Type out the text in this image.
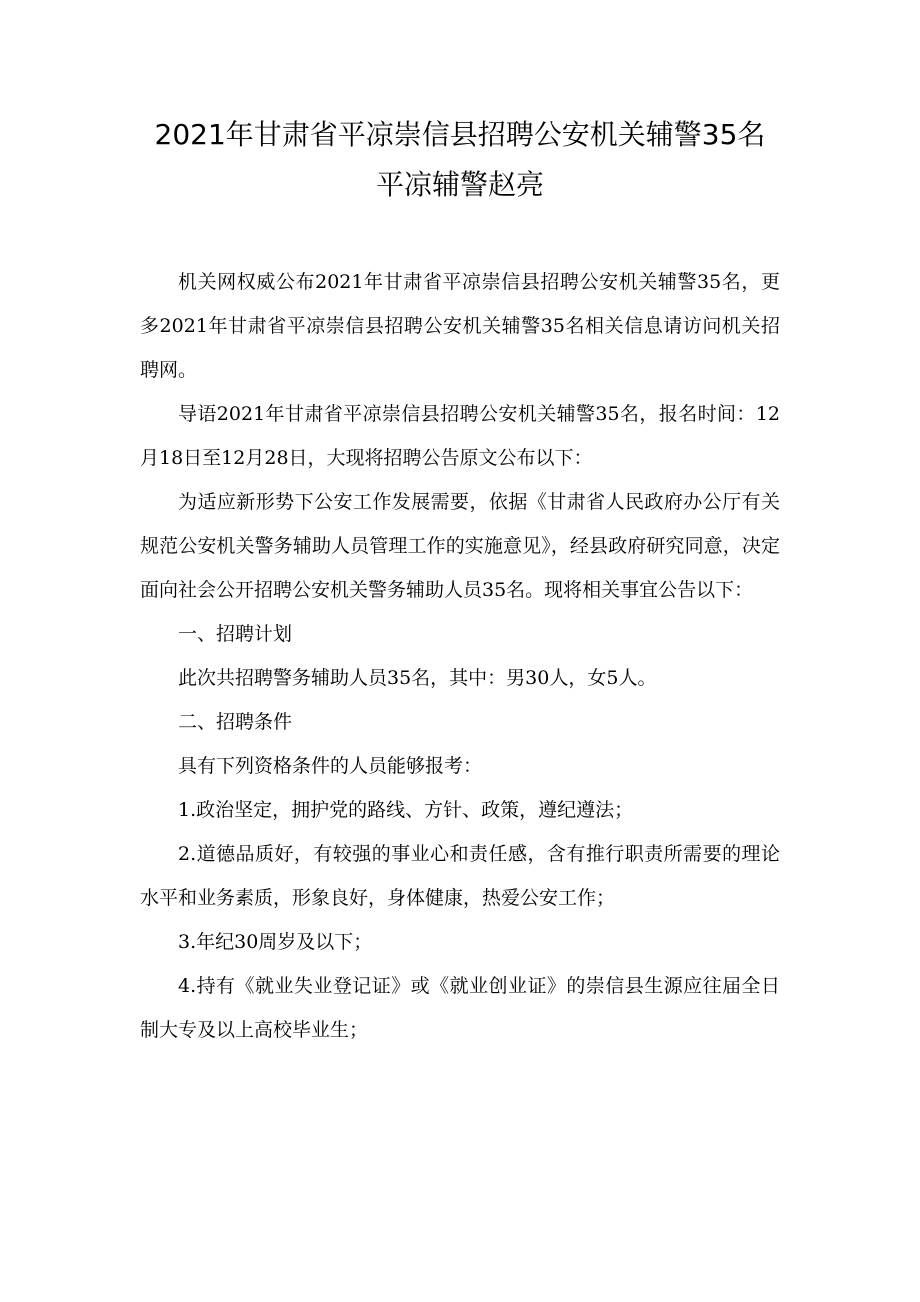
2021年甘肃省平凉崇信县招聘公安机关辅警35名 平凉辅警赵亮

机关网权威公布2021年甘肃省平凉崇信县招聘公安机关辅警35名，更多2021年甘肃省平凉崇信县招聘公安机关辅警35名相关信息请访问机关招聘网。

导语2021年甘肃省平凉崇信县招聘公安机关辅警35名，报名时间：12月18日至12月28日，大现将招聘公告原文公布以下：

为适应新形势下公安工作发展需要，依据《甘肃省人民政府办公厅有关规范公安机关警务辅助人员管理工作的实施意见》，经县政府研究同意，决定面向社会公开招聘公安机关警务辅助人员35名。现将相关事宜公告以下：

一、招聘计划

此次共招聘警务辅助人员35名，其中：男30人，女5人。

二、招聘条件

具有下列资格条件的人员能够报考：

1.政治坚定，拥护党的路线、方针、政策，遵纪遵法；

2.道德品质好，有较强的事业心和责任感，含有推行职责所需要的理论水平和业务素质，形象良好，身体健康，热爱公安工作；

3.年纪30周岁及以下；

4.持有《就业失业登记证》或《就业创业证》的崇信县生源应往届全日制大专及以上高校毕业生；
